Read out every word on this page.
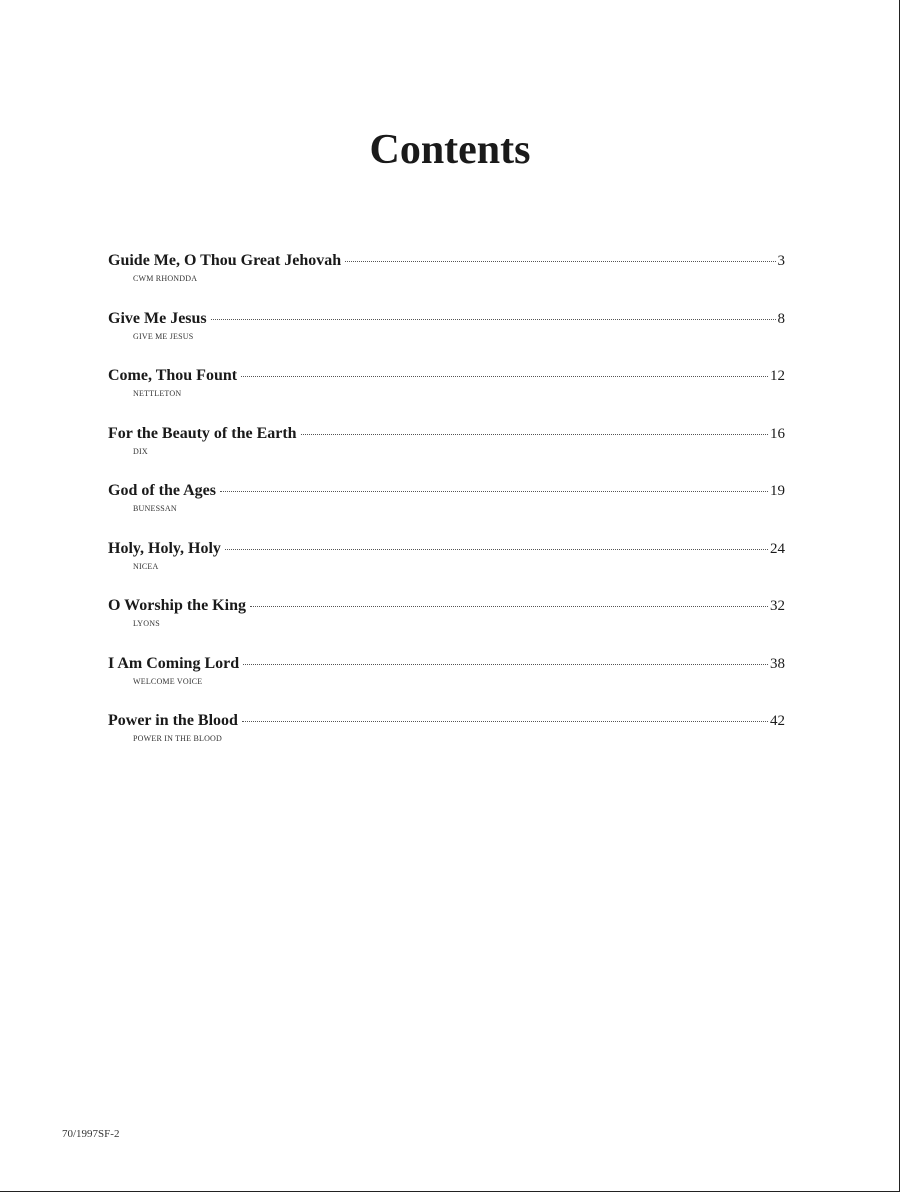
Contents
Guide Me, O Thou Great Jehovah	3
CWM RHONDDA
Give Me Jesus	8
GIVE ME JESUS
Come, Thou Fount	12
NETTLETON
For the Beauty of the Earth	16
DIX
God of the Ages	19
BUNESSAN
Holy, Holy, Holy	24
NICEA
O Worship the King	32
LYONS
I Am Coming Lord	38
WELCOME VOICE
Power in the Blood	42
POWER IN THE BLOOD
70/1997SF-2
